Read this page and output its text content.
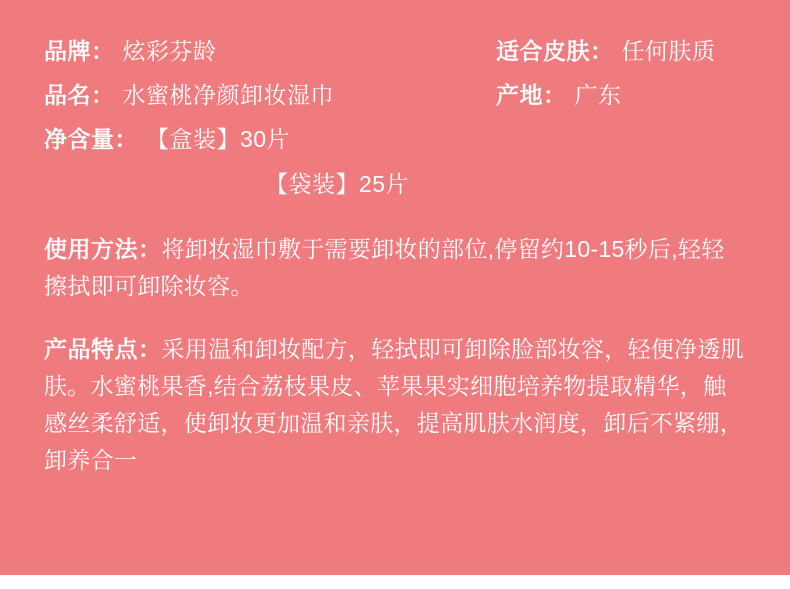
品牌： 炫彩芬龄	适合皮肤： 任何肤质
品名： 水蜜桃净颜卸妆湿巾	产地： 广东
净含量： 【盒装】30片
【袋装】25片
使用方法：将卸妆湿巾敷于需要卸妆的部位,停留约10-15秒后,轻轻擦拭即可卸除妆容。
产品特点：采用温和卸妆配方，轻拭即可卸除脸部妆容，轻便净透肌肤。水蜜桃果香,结合荔枝果皮、苹果果实细胞培养物提取精华，触感丝柔舒适，使卸妆更加温和亲肤，提高肌肤水润度，卸后不紧绷，卸养合一
